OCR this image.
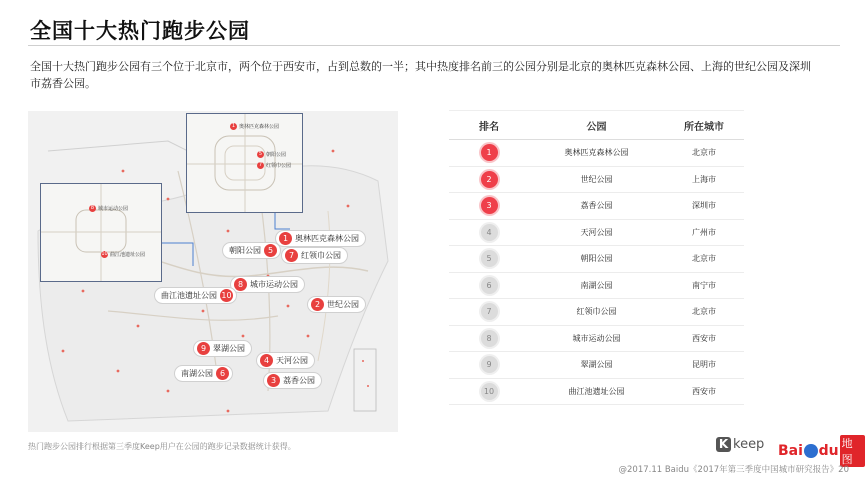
全国十大热门跑步公园
全国十大热门跑步公园有三个位于北京市，两个位于西安市，占到总数的一半；其中热度排名前三的公园分别是北京的奥林匹克森林公园、上海的世纪公园及深圳市荔香公园。
1 奥林匹克森林公园
5 朝阳公园
7 红领巾公园
8 城市运动公园
10 曲江池遗址公园
1 奥林匹克森林公园
朝阳公园 5
7 红领巾公园
8 城市运动公园
曲江池遗址公园 10
2 世纪公园
9 翠湖公园
4 天河公园
南湖公园 6
3 荔香公园
排名	公园	所在城市
1	奥林匹克森林公园	北京市
2	世纪公园	上海市
3	荔香公园	深圳市
4	天河公园	广州市
5	朝阳公园	北京市
6	南湖公园	南宁市
7	红领巾公园	北京市
8	城市运动公园	西安市
9	翠湖公园	昆明市
10	曲江池遗址公园	西安市
热门跑步公园排行根据第三季度Keep用户在公园的跑步记录数据统计获得。	K keep Bai du 地图
@2017.11 Baidu《2017年第三季度中国城市研究报告》20
